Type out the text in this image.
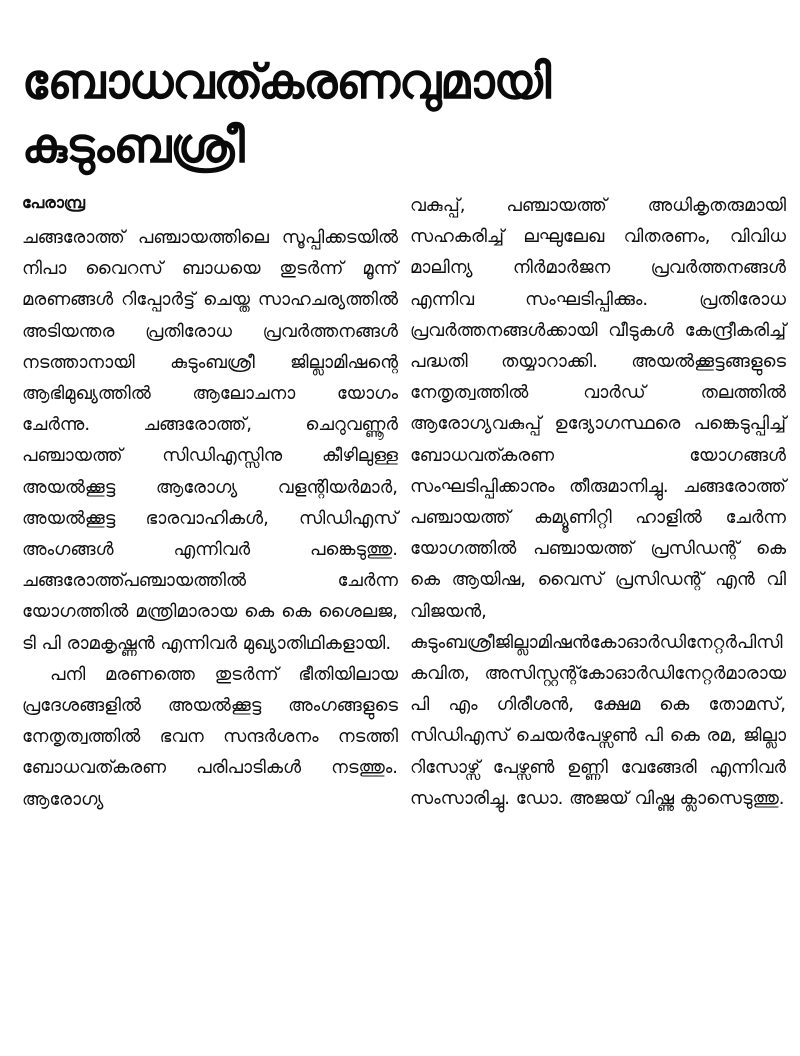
ബോധവത്കരണവുമായി
കുടുംബശ്രീ
പേരാമ്പ്ര

ചങ്ങരോത്ത് പഞ്ചായത്തിലെ സൂപ്പിക്കടയിൽ നിപാ വൈറസ് ബാധയെ തുടർന്ന് മൂന്ന് മരണങ്ങൾ റിപ്പോർട്ട് ചെയ്ത സാഹചര്യത്തിൽ അടിയന്തര പ്രതിരോധ പ്രവർത്തനങ്ങൾ നടത്താനായി കുടുംബശ്രീ ജില്ലാമിഷന്റെ ആഭിമുഖ്യത്തിൽ ആലോചനാ യോഗം ചേർന്നു. ചങ്ങരോത്ത്, ചെറുവണ്ണൂർ പഞ്ചായത്ത് സിഡിഎസ്സിനു കീഴിലുള്ള അയൽക്കൂട്ട ആരോഗ്യ വളന്റിയർമാർ, അയൽക്കൂട്ട ഭാരവാഹികൾ, സിഡിഎസ് അംഗങ്ങൾ എന്നിവർ പങ്കെടുത്തു. ചങ്ങരോത്ത്പഞ്ചായത്തിൽ ചേർന്ന യോഗത്തിൽ മന്ത്രിമാരായ കെ കെ ശൈലജ, ടി പി രാമകൃഷ്ണൻ എന്നിവർ മുഖ്യാതിഥികളായി.

പനി മരണത്തെ തുടർന്ന് ഭീതിയിലായ പ്രദേശങ്ങളിൽ അയൽക്കൂട്ട അംഗങ്ങളുടെ നേതൃത്വത്തിൽ ഭവന സന്ദർശനം നടത്തി ബോധവത്കരണ പരിപാടികൾ നടത്തും. ആരോഗ്യ

വകുപ്പ്, പഞ്ചായത്ത് അധികൃതരുമായി സഹകരിച്ച് ലഘുലേഖ വിതരണം, വിവിധ മാലിന്യ നിർമാർജന പ്രവർത്തനങ്ങൾ എന്നിവ സംഘടിപ്പിക്കും. പ്രതിരോധ പ്രവർത്തനങ്ങൾക്കായി വീടുകൾ കേന്ദ്രീകരിച്ച് പദ്ധതി തയ്യാറാക്കി. അയൽക്കൂട്ടങ്ങളുടെ നേതൃത്വത്തിൽ വാർഡ് തലത്തിൽ ആരോഗ്യവകുപ്പ് ഉദ്യോഗസ്ഥരെ പങ്കെടുപ്പിച്ച് ബോധവത്കരണ യോഗങ്ങൾ സംഘടിപ്പിക്കാനും തീരുമാനിച്ചു. ചങ്ങരോത്ത് പഞ്ചായത്ത് കമ്യൂണിറ്റി ഹാളിൽ ചേർന്ന യോഗത്തിൽ പഞ്ചായത്ത് പ്രസിഡന്റ് കെ കെ ആയിഷ, വൈസ് പ്രസിഡന്റ് എൻ വി വിജയൻ, കുടുംബശ്രീജില്ലാമിഷൻകോഓർഡിനേറ്റർപിസികവിത, അസിസ്റ്റന്റ്കോഓർഡിനേറ്റർമാരായ പി എം ഗിരീശൻ, ക്ഷേമ കെ തോമസ്, സിഡിഎസ് ചെയർപേഴ്സൺ പി കെ രമ, ജില്ലാ റിസോഴ്സ് പേഴ്സൺ ഉണ്ണി വേങ്ങേരി എന്നിവർ സംസാരിച്ചു. ഡോ. അജയ് വിഷ്ണു ക്ലാസെടുത്തു.
